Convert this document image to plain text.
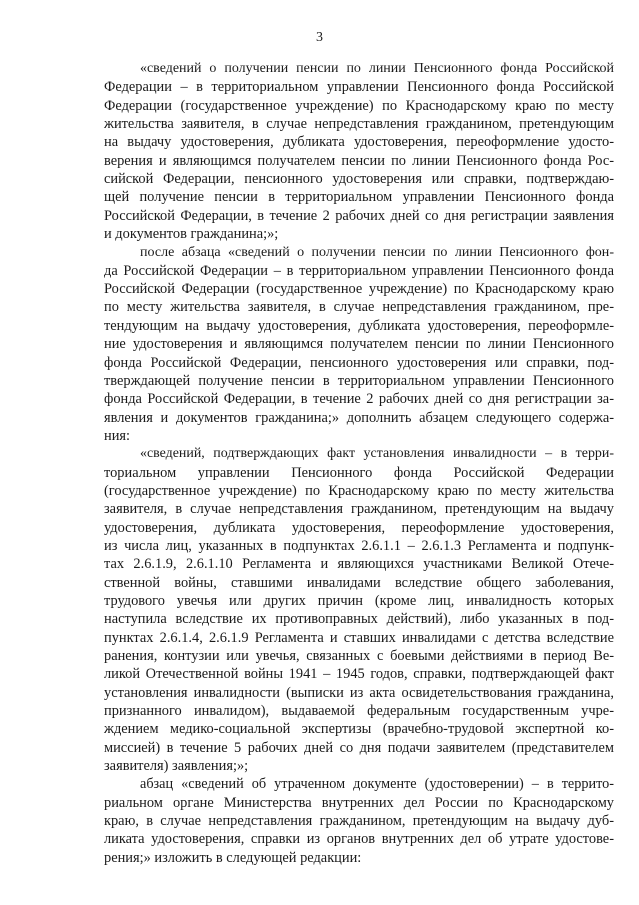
3

«сведений о получении пенсии по линии Пенсионного фонда Российской
Федерации – в территориальном управлении Пенсионного фонда Российской
Федерации (государственное учреждение) по Краснодарскому краю по месту
жительства заявителя, в случае непредставления гражданином, претендующим
на выдачу удостоверения, дубликата удостоверения, переоформление удосто-
верения и являющимся получателем пенсии по линии Пенсионного фонда Рос-
сийской Федерации, пенсионного удостоверения или справки, подтверждаю-
щей получение пенсии в территориальном управлении Пенсионного фонда
Российской Федерации, в течение 2 рабочих дней со дня регистрации заявления
и документов гражданина;»;

после абзаца «сведений о получении пенсии по линии Пенсионного фон-
да Российской Федерации – в территориальном управлении Пенсионного фонда
Российской Федерации (государственное учреждение) по Краснодарскому краю
по месту жительства заявителя, в случае непредставления гражданином, пре-
тендующим на выдачу удостоверения, дубликата удостоверения, переоформле-
ние удостоверения и являющимся получателем пенсии по линии Пенсионного
фонда Российской Федерации, пенсионного удостоверения или справки, под-
тверждающей получение пенсии в территориальном управлении Пенсионного
фонда Российской Федерации, в течение 2 рабочих дней со дня регистрации за-
явления и документов гражданина;» дополнить абзацем следующего содержа-
ния:

«сведений, подтверждающих факт установления инвалидности – в терри-
ториальном управлении Пенсионного фонда Российской Федерации
(государственное учреждение) по Краснодарскому краю по месту жительства
заявителя, в случае непредставления гражданином, претендующим на выдачу
удостоверения, дубликата удостоверения, переоформление удостоверения,
из числа лиц, указанных в подпунктах 2.6.1.1 – 2.6.1.3 Регламента и подпунк-
тах 2.6.1.9, 2.6.1.10 Регламента и являющихся участниками Великой Отече-
ственной войны, ставшими инвалидами вследствие общего заболевания,
трудового увечья или других причин (кроме лиц, инвалидность которых
наступила вследствие их противоправных действий), либо указанных в под-
пунктах 2.6.1.4, 2.6.1.9 Регламента и ставших инвалидами с детства вследствие
ранения, контузии или увечья, связанных с боевыми действиями в период Ве-
ликой Отечественной войны 1941 – 1945 годов, справки, подтверждающей факт
установления инвалидности (выписки из акта освидетельствования гражданина,
признанного инвалидом), выдаваемой федеральным государственным учре-
ждением медико-социальной экспертизы (врачебно-трудовой экспертной ко-
миссией) в течение 5 рабочих дней со дня подачи заявителем (представителем
заявителя) заявления;»;

абзац «сведений об утраченном документе (удостоверении) – в террито-
риальном органе Министерства внутренних дел России по Краснодарскому
краю, в случае непредставления гражданином, претендующим на выдачу дуб-
ликата удостоверения, справки из органов внутренних дел об утрате удостове-
рения;» изложить в следующей редакции:
